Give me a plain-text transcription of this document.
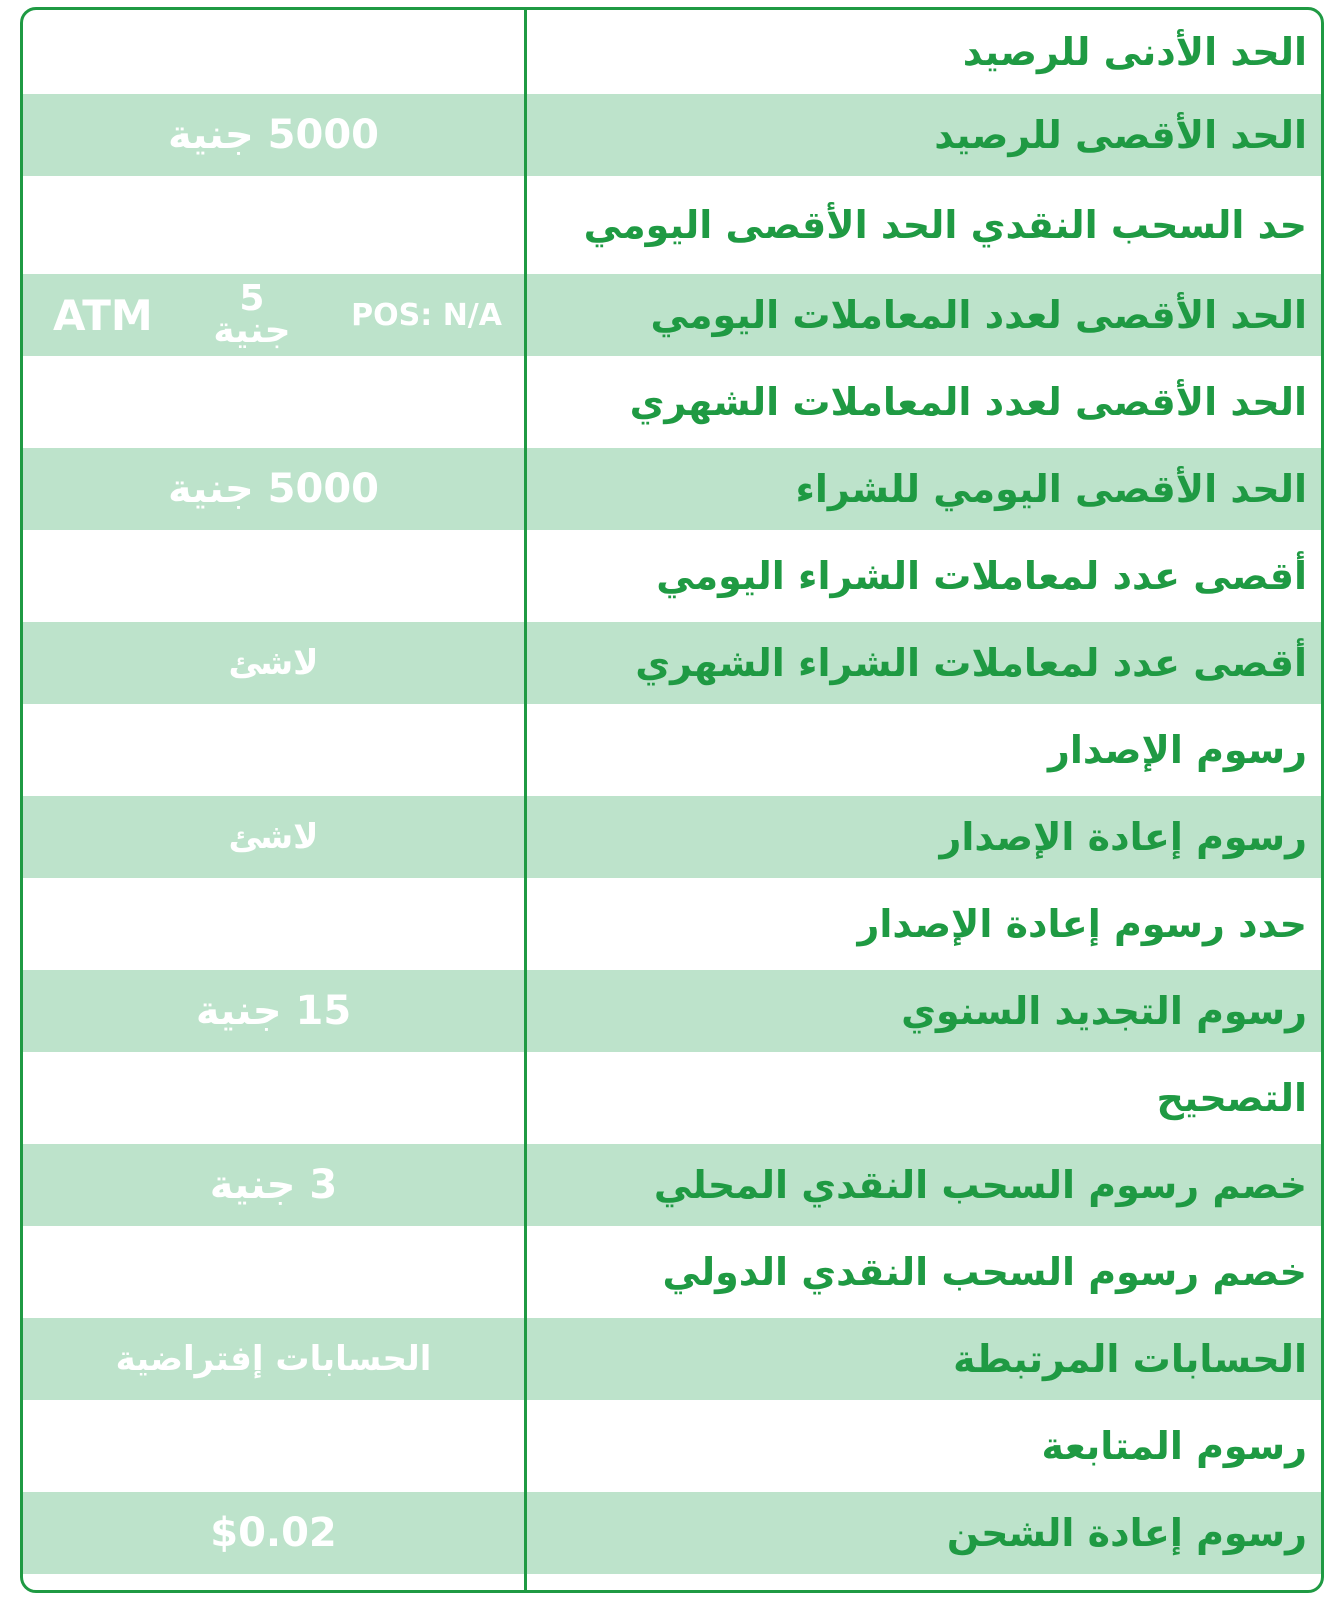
الحد الأدنى للرصيد
الحد الأقصى للرصيد
5000 جنية
حد السحب النقدي الحد الأقصى اليومي
الحد الأقصى لعدد المعاملات اليومي
ATM 5
جنية POS: N/A
الحد الأقصى لعدد المعاملات الشهري
الحد الأقصى اليومي للشراء
5000 جنية
أقصى عدد لمعاملات الشراء اليومي
أقصى عدد لمعاملات الشراء الشهري
لاشئ
رسوم الإصدار
رسوم إعادة الإصدار
لاشئ
حدد رسوم إعادة الإصدار
رسوم التجديد السنوي
15 جنية
التصحيح
خصم رسوم السحب النقدي المحلي
3 جنية
خصم رسوم السحب النقدي الدولي
الحسابات المرتبطة
الحسابات إفتراضية
رسوم المتابعة
رسوم إعادة الشحن
$0.02
